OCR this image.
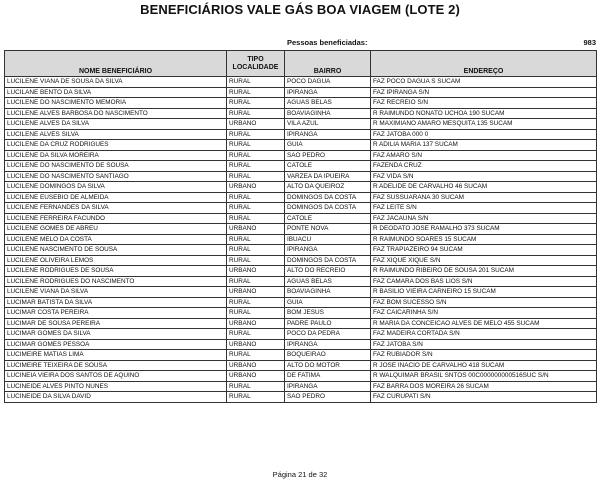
BENEFICIÁRIOS VALE GÁS BOA VIAGEM (LOTE 2)
Pessoas beneficiadas:	983
NOME BENEFICIÁRIO	TIPO LOCALIDADE	BAIRRO	ENDEREÇO
LUCILENE VIANA DE SOUSA DA SILVA	RURAL	POCO DAGUA	FAZ POCO DAGUA S SUCAM
LUCILANE BENTO DA SILVA	RURAL	IPIRANGA	FAZ IPIRANGA S/N
LUCILENE DO NASCIMENTO MEMORIA	RURAL	AGUAS BELAS	FAZ RECREIO S/N
LUCILENE ALVES BARBOSA DO NASCIMENTO	RURAL	BOAVIAGINHA	R RAIMUNDO NONATO UCHOA 190 SUCAM
LUCILENE ALVES DA SILVA	URBANO	VILA AZUL	R MAXIMIANO AMARO MESQUITA 135 SUCAM
LUCILENE ALVES SILVA	RURAL	IPIRANGA	FAZ JATOBA 000 0
LUCILENE DA CRUZ RODRIGUES	RURAL	GUIA	R ADILIA MARIA 137 SUCAM
LUCILENE DA SILVA MOREIRA	RURAL	SAO PEDRO	FAZ AMARO S/N
LUCILENE DO NASCIMENTO DE SOUSA	RURAL	CATOLE	FAZENDA CRUZ
LUCILENE DO NASCIMENTO SANTIAGO	RURAL	VARZEA DA IPUEIRA	FAZ VIDA S/N
LUCILENE DOMINGOS DA SILVA	URBANO	ALTO DA QUEIROZ	R ADELIDE DE CARVALHO 46 SUCAM
LUCILENE EUSEBIO DE ALMEIDA	RURAL	DOMINGOS DA COSTA	FAZ SUSSUARANA 30 SUCAM
LUCILENE FERNANDES DA SILVA	RURAL	DOMINGOS DA COSTA	FAZ LEITE S/N
LUCILENE FERREIRA FACUNDO	RURAL	CATOLE	FAZ JACAUNA S/N
LUCILENE GOMES DE ABREU	URBANO	PONTE NOVA	R DEODATO JOSE RAMALHO 373 SUCAM
LUCILENE MELO DA COSTA	RURAL	IBUACU	R RAIMUNDO SOARES 15 SUCAM
LUCILENE NASCIMENTO DE SOUSA	RURAL	IPIRANGA	FAZ TRAPIAZEIRO 94 SUCAM
LUCILENE OLIVEIRA LEMOS	RURAL	DOMINGOS DA COSTA	FAZ XIQUE XIQUE S/N
LUCILENE RODRIGUES DE SOUSA	URBANO	ALTO DO RECREIO	R RAIMUNDO RIBEIRO DE SOUSA 201 SUCAM
LUCILENE RODRIGUES DO NASCIMENTO	RURAL	AGUAS BELAS	FAZ CAMARA DOS BAS LIOS S/N
LUCILENE VIANA DA SILVA	URBANO	BOAVIAGINHA	R BASILIO VIEIRA CARNEIRO 15 SUCAM
LUCIMAR BATISTA DA SILVA	RURAL	GUIA	FAZ BOM SUCESSO S/N
LUCIMAR COSTA PEREIRA	RURAL	BOM JESUS	FAZ CAICARINHA S/N
LUCIMAR DE SOUSA PEREIRA	URBANO	PADRE PAULO	R MARIA DA CONCEICAO ALVES DE MELO 455 SUCAM
LUCIMAR GOMES DA SILVA	RURAL	POCO DA PEDRA	FAZ MADEIRA CORTADA S/N
LUCIMAR GOMES PESSOA	URBANO	IPIRANGA	FAZ JATOBA S/N
LUCIMEIRE MATIAS LIMA	RURAL	BOQUEIRAO	FAZ RUBIADOR S/N
LUCIMEIRE TEIXEIRA DE SOUSA	URBANO	ALTO DO MOTOR	R JOSE INACIO DE CARVALHO 418 SUCAM
LUCINEIA VIEIRA DOS SANTOS DE AQUINO	URBANO	DE FATIMA	R WALQUIMAR BRASIL SNTOS 00C000000000516SUC S/N
LUCINEIDE ALVES PINTO NUNES	RURAL	IPIRANGA	FAZ BARRA DOS MOREIRA 26 SUCAM
LUCINEIDE DA SILVA DAVID	RURAL	SAO PEDRO	FAZ CURUPATI S/N
Página 21 de 32
